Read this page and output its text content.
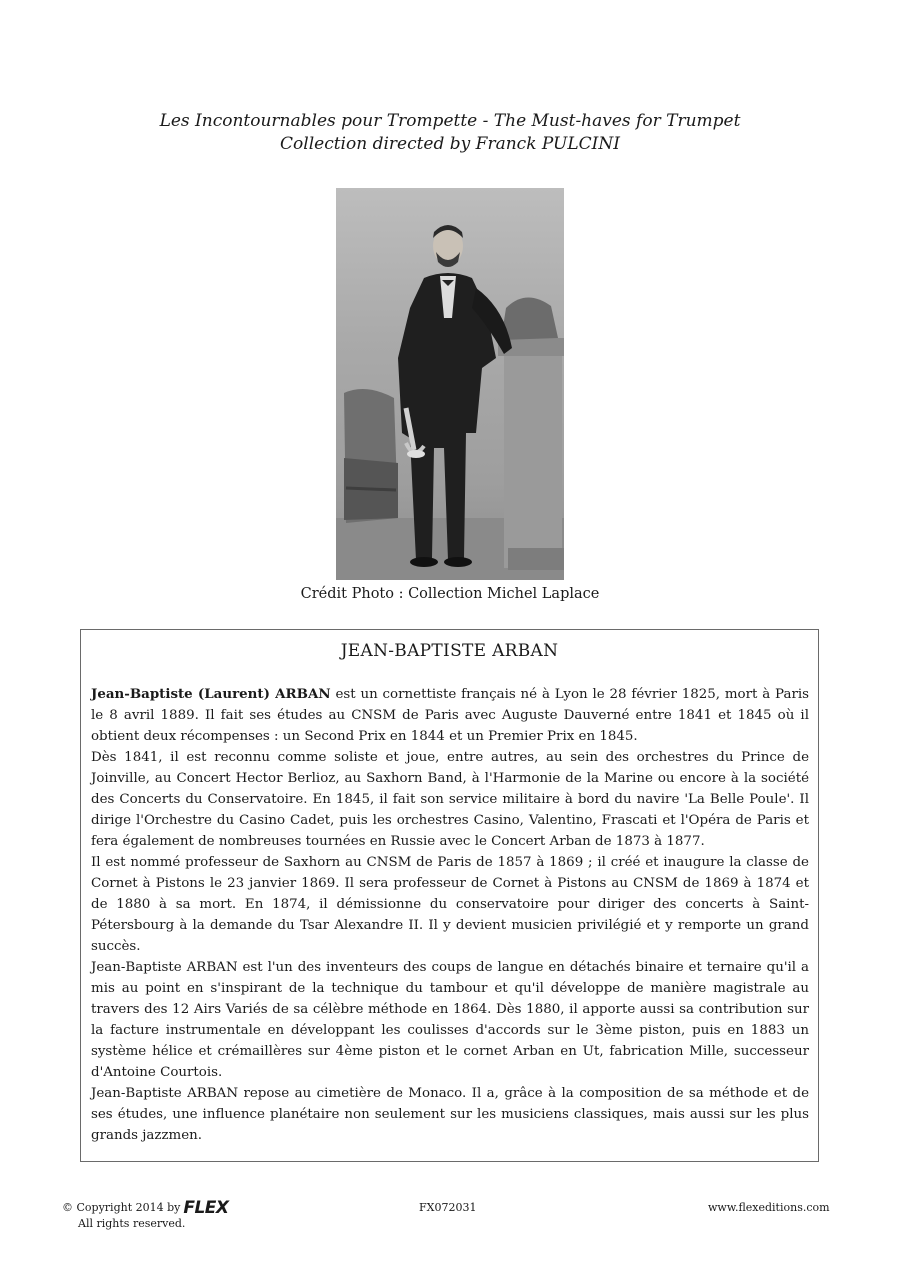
Les Incontournables pour Trompette - The Must-haves for Trumpet
Collection directed by Franck PULCINI
Crédit Photo : Collection Michel Laplace
JEAN-BAPTISTE ARBAN

Jean-Baptiste (Laurent) ARBAN est un cornettiste français né à Lyon le 28 février 1825, mort à Paris le 8 avril 1889. Il fait ses études au CNSM de Paris avec Auguste Dauverné entre 1841 et 1845 où il obtient deux récompenses : un Second Prix en 1844 et un Premier Prix en 1845.

Dès 1841, il est reconnu comme soliste et joue, entre autres, au sein des orchestres du Prince de Joinville, au Concert Hector Berlioz, au Saxhorn Band, à l'Harmonie de la Marine ou encore à la société des Concerts du Conservatoire. En 1845, il fait son service militaire à bord du navire 'La Belle Poule'. Il dirige l'Orchestre du Casino Cadet, puis les orchestres Casino, Valentino, Frascati et l'Opéra de Paris et fera également de nombreuses tournées en Russie avec le Concert Arban de 1873 à 1877.

Il est nommé professeur de Saxhorn au CNSM de Paris de 1857 à 1869 ; il créé et inaugure la classe de Cornet à Pistons le 23 janvier 1869. Il sera professeur de Cornet à Pistons au CNSM de 1869 à 1874 et de 1880 à sa mort. En 1874, il démissionne du conservatoire pour diriger des concerts à Saint-Pétersbourg à la demande du Tsar Alexandre II. Il y devient musicien privilégié et y remporte un grand succès.

Jean-Baptiste ARBAN est l'un des inventeurs des coups de langue en détachés binaire et ternaire qu'il a mis au point en s'inspirant de la technique du tambour et qu'il développe de manière magistrale au travers des 12 Airs Variés de sa célèbre méthode en 1864. Dès 1880, il apporte aussi sa contribution sur la facture instrumentale en développant les coulisses d'accords sur le 3ème piston, puis en 1883 un système hélice et crémaillères sur 4ème piston et le cornet Arban en Ut, fabrication Mille, successeur d'Antoine Courtois.

Jean-Baptiste ARBAN repose au cimetière de Monaco. Il a, grâce à la composition de sa méthode et de ses études, une influence planétaire non seulement sur les musiciens classiques, mais aussi sur les plus grands jazzmen.

© Copyright 2014 by FLEX
All rights reserved.
FX072031	www.flexeditions.com
